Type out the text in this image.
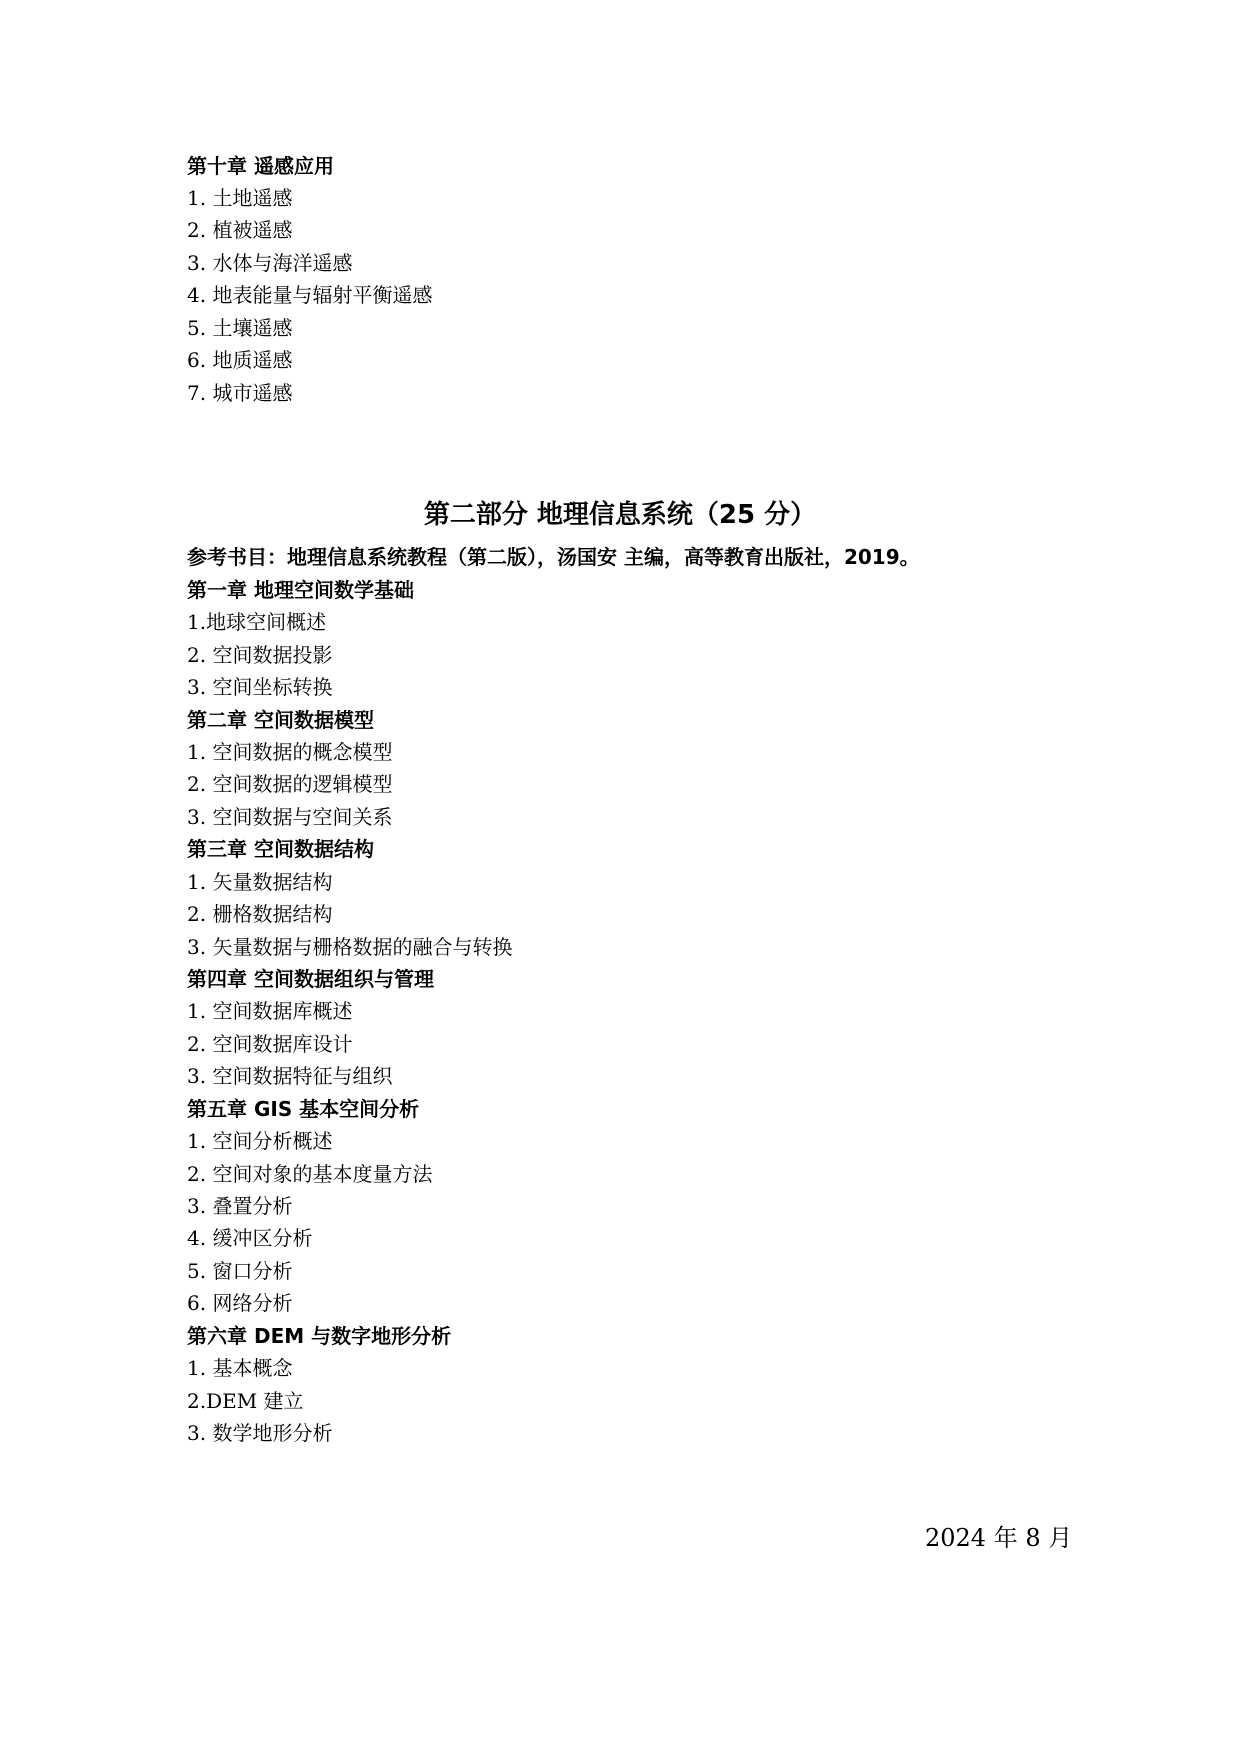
第十章 遥感应用
1. 土地遥感
2. 植被遥感
3. 水体与海洋遥感
4. 地表能量与辐射平衡遥感
5. 土壤遥感
6. 地质遥感
7. 城市遥感
第二部分 地理信息系统（25 分）
参考书目：地理信息系统教程（第二版），汤国安 主编，高等教育出版社，2019。
第一章 地理空间数学基础
1.地球空间概述
2. 空间数据投影
3. 空间坐标转换
第二章 空间数据模型
1. 空间数据的概念模型
2. 空间数据的逻辑模型
3. 空间数据与空间关系
第三章 空间数据结构
1. 矢量数据结构
2. 栅格数据结构
3. 矢量数据与栅格数据的融合与转换
第四章 空间数据组织与管理
1. 空间数据库概述
2. 空间数据库设计
3. 空间数据特征与组织
第五章 GIS 基本空间分析
1. 空间分析概述
2. 空间对象的基本度量方法
3. 叠置分析
4. 缓冲区分析
5. 窗口分析
6. 网络分析
第六章 DEM 与数字地形分析
1. 基本概念
2.DEM 建立
3. 数学地形分析
2024 年 8 月
